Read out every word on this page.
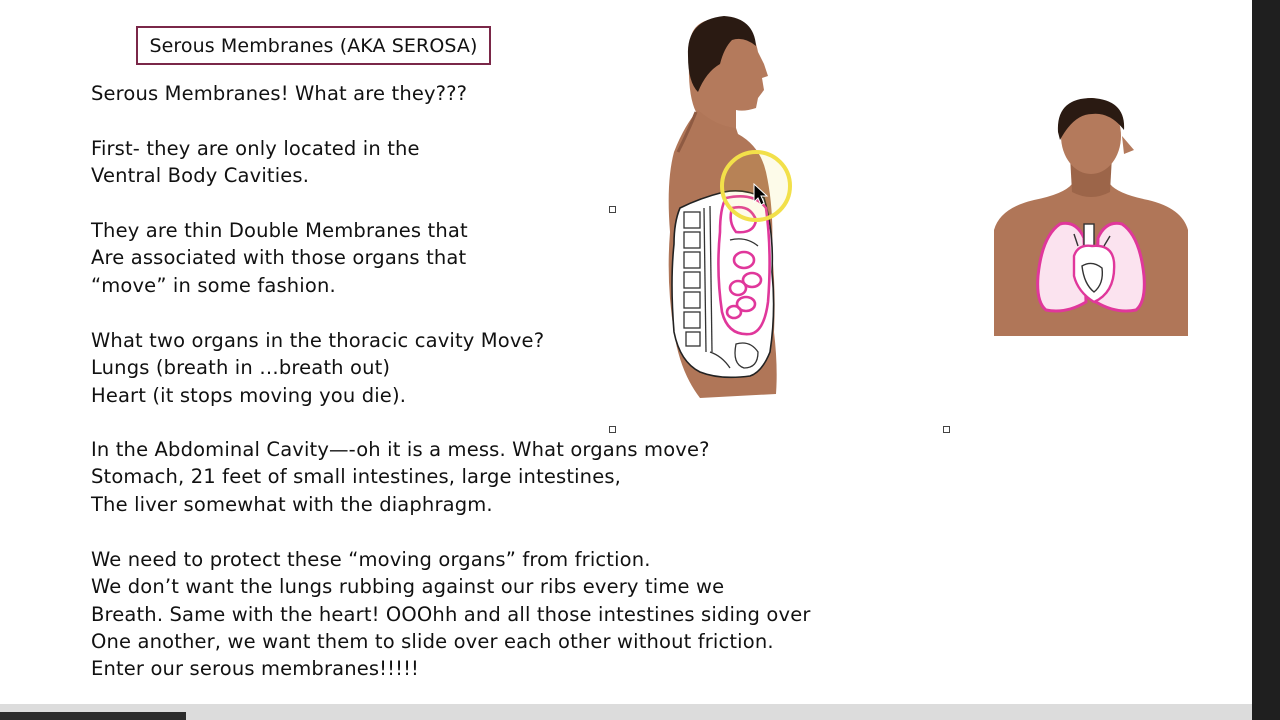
Serous Membranes (AKA SEROSA)

Serous Membranes! What are they???

First- they are only located in the
Ventral Body Cavities.

They are thin Double Membranes that
Are associated with those organs that
“move” in some fashion.

What two organs in the thoracic cavity Move?
Lungs (breath in …breath out)
Heart (it stops moving you die).

In the Abdominal Cavity—-oh it is a mess. What organs move?
Stomach, 21 feet of small intestines, large intestines,
The liver somewhat with the diaphragm.

We need to protect these “moving organs” from friction.
We don’t want the lungs rubbing against our ribs every time we
Breath. Same with the heart! OOOhh and all those intestines siding over
One another, we want them to slide over each other without friction.
Enter our serous membranes!!!!!
